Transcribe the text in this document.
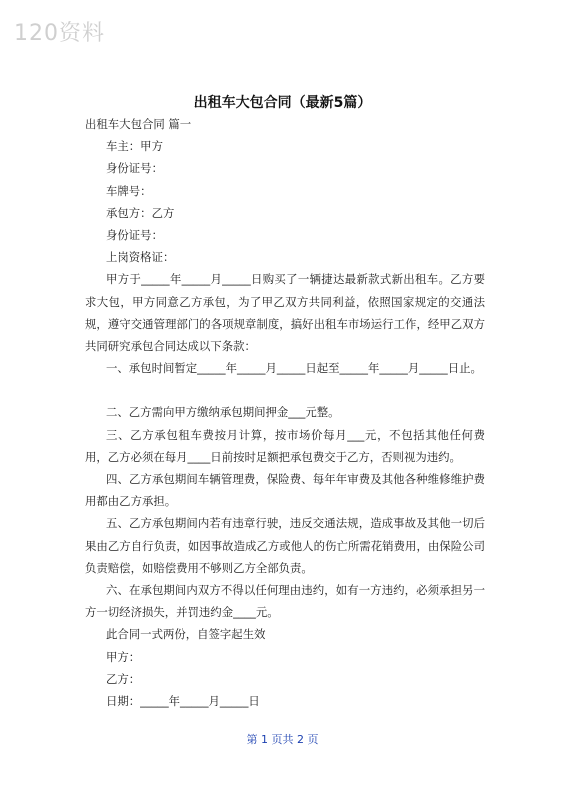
120资料
出租车大包合同（最新5篇）

出租车大包合同 篇一

车主：甲方

身份证号：

车牌号：

承包方：乙方

身份证号：

上岗资格证：

甲方于_____年_____月_____日购买了一辆捷达最新款式新出租车。乙方要求大包，甲方同意乙方承包，为了甲乙双方共同利益，依照国家规定的交通法规，遵守交通管理部门的各项规章制度，搞好出租车市场运行工作，经甲乙双方共同研究承包合同达成以下条款：

一、承包时间暂定_____年_____月_____日起至_____年_____月_____日止。

二、乙方需向甲方缴纳承包期间押金___元整。

三、乙方承包租车费按月计算，按市场价每月___元，不包括其他任何费用，乙方必须在每月____日前按时足额把承包费交于乙方，否则视为违约。

四、乙方承包期间车辆管理费，保险费、每年年审费及其他各种维修维护费用都由乙方承担。

五、乙方承包期间内若有违章行驶，违反交通法规，造成事故及其他一切后果由乙方自行负责，如因事故造成乙方或他人的伤亡所需花销费用，由保险公司负责赔偿，如赔偿费用不够则乙方全部负责。

六、在承包期间内双方不得以任何理由违约，如有一方违约，必须承担另一方一切经济损失，并罚违约金____元。

此合同一式两份，自签字起生效

甲方：

乙方：

日期：_____年_____月_____日

第 1 页共 2 页
